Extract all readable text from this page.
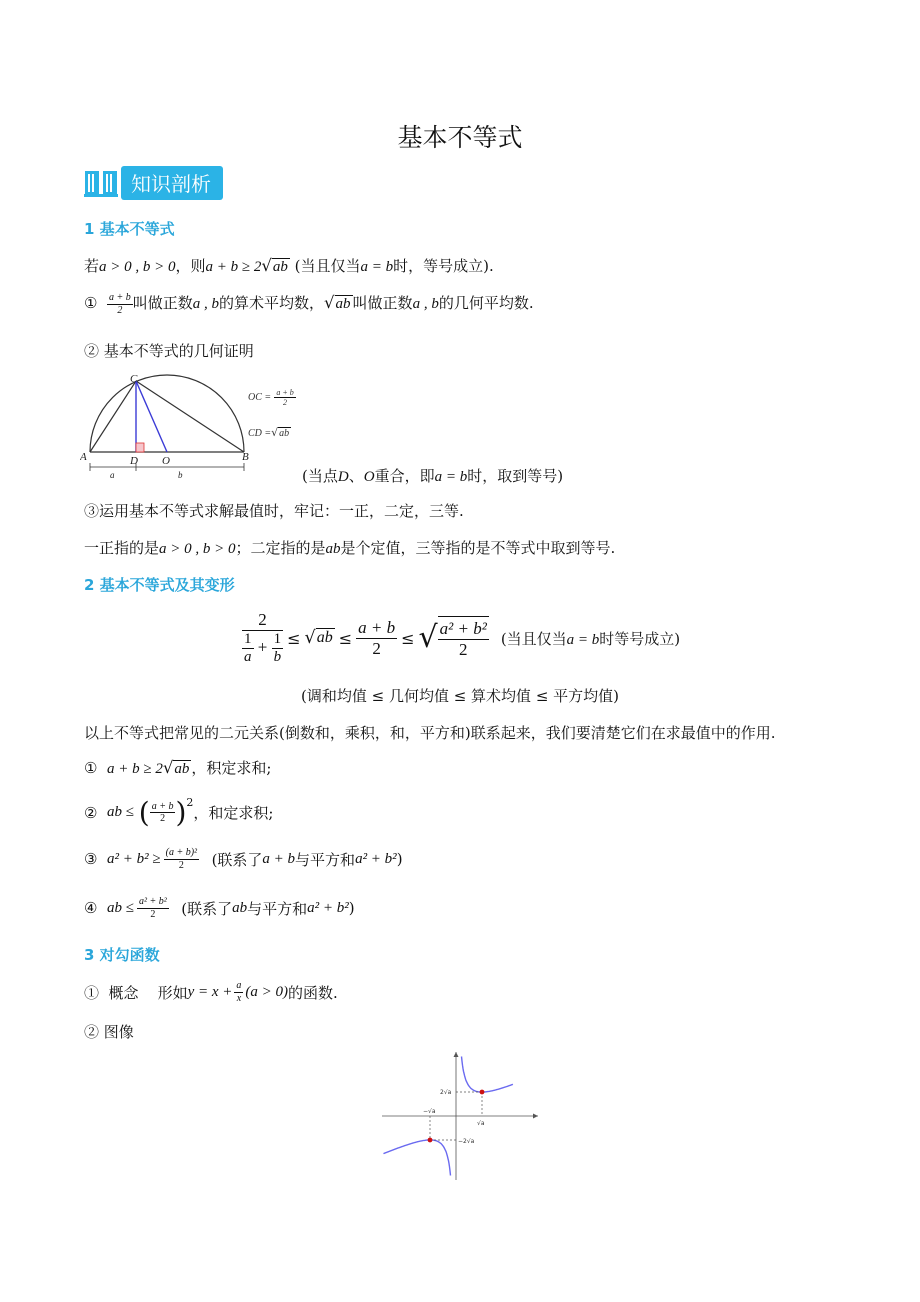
基本不等式
知识剖析
1 基本不等式
若a > 0 , b > 0，则a + b ≥ 2√ab (当且仅当a = b时，等号成立).
① $\frac{a + b}{2}$ 叫做正数a , b的算术平均数，√ab 叫做正数a , b的几何平均数.
② 基本不等式的几何证明
A	B
C
D O
a	b
OC = $\frac{a + b}{2}$
CD =√ab
(当点D、O重合，即a = b时，取到等号)
③运用基本不等式求解最值时，牢记：一正，二定，三等.
一正指的是a > 0 , b > 0；二定指的是ab是个定值，三等指的是不等式中取到等号.
2 基本不等式及其变形
$\frac{2}{\frac{1}{a} + \frac{1}{b}}$ ≤ √ ab ≤ $\frac{a + b}{2}$ ≤ √ $\frac{\text{a² + b²}}{2}$ (当且仅当a = b时等号成立)
(调和均值 ≤ 几何均值 ≤ 算术均值 ≤ 平方均值)
以上不等式把常见的二元关系(倒数和，乘积，和，平方和)联系起来，我们要清楚它们在求最值中的作用.
① a + b ≥ 2√ab ，积定求和;
②
ab ≤
( $\frac{a + b}{2} )^2$
，和定求积;
③
$a^2 + b^2 \ge \frac{\text{(a + b)²}}{2}$
(联系了 a + b 与平方和 a² + b² )
④
ab ≤ $\frac{\text{a² + b²}}{2}$
(联系了 ab 与平方和 a² + b² )
3 对勾函数
①  概念    形如 $y = x + \frac{a}{x} (a > 0)$ 的函数.
② 图像
2√a
√a
−√a
−2√a
